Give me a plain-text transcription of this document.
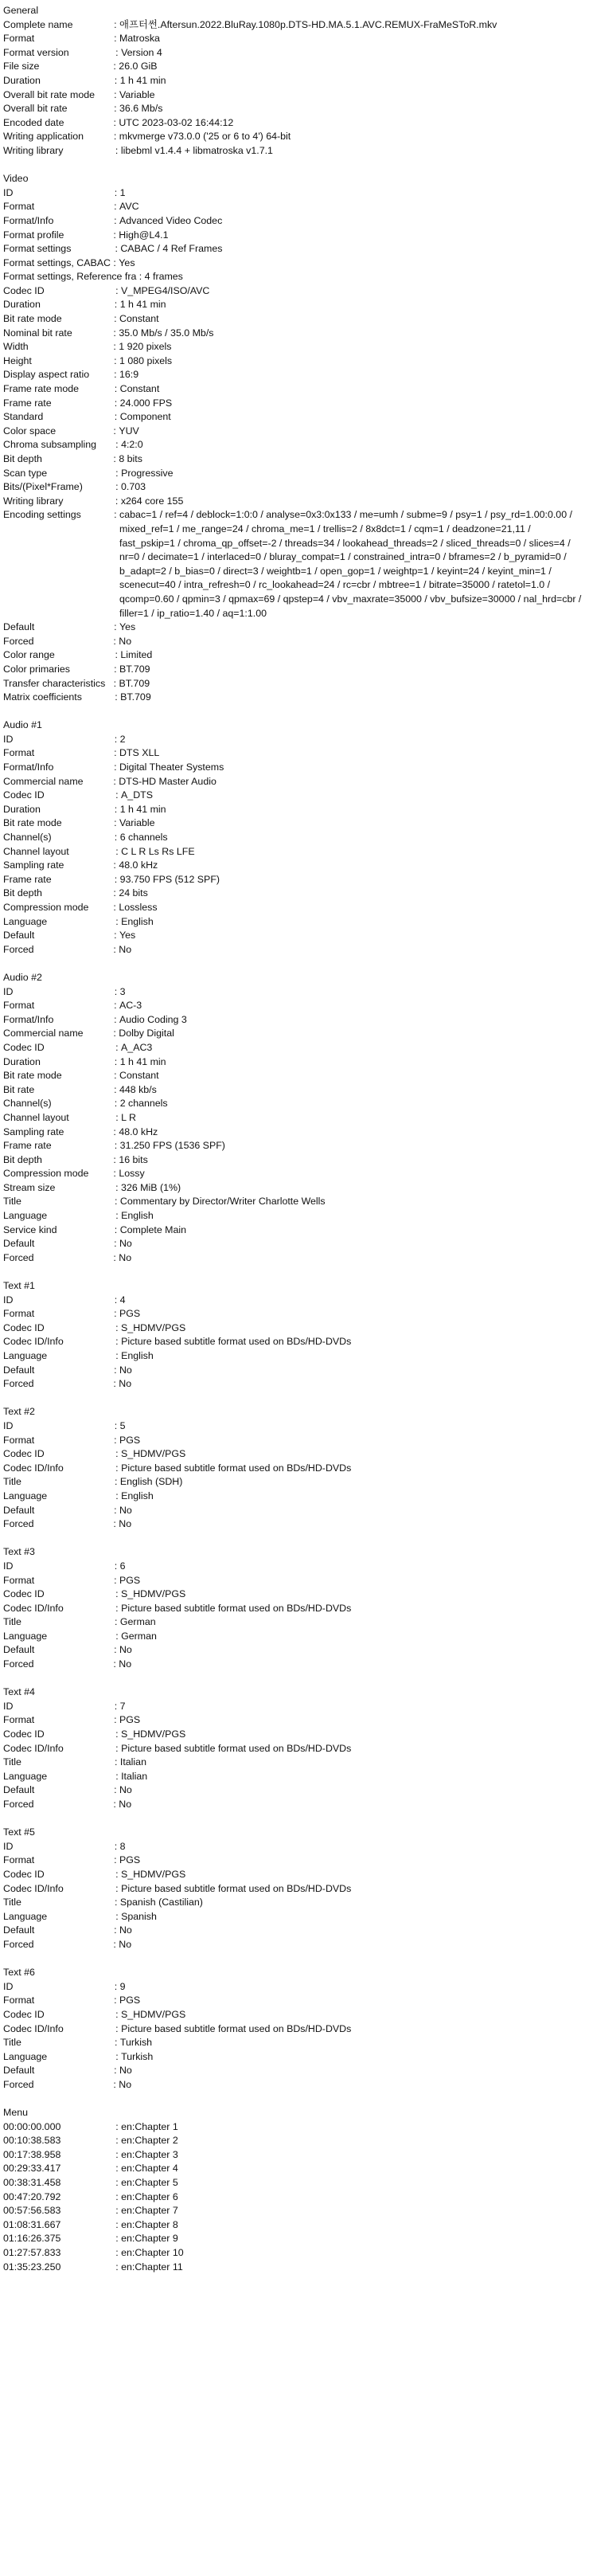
General
Complete name : 애프터썬.Aftersun.2022.BluRay.1080p.DTS-HD.MA.5.1.AVC.REMUX-FraMeSToR.mkv
Format : Matroska
Format version : Version 4
File size : 26.0 GiB
Duration : 1 h 41 min
Overall bit rate mode : Variable
Overall bit rate : 36.6 Mb/s
Encoded date : UTC 2023-03-02 16:44:12
Writing application : mkvmerge v73.0.0 ('25 or 6 to 4') 64-bit
Writing library : libebml v1.4.4 + libmatroska v1.7.1
Video
ID : 1
Format : AVC
Format/Info : Advanced Video Codec
Format profile : High@L4.1
Format settings : CABAC / 4 Ref Frames
Format settings, CABAC : Yes
Format settings, Reference fra : 4 frames
Codec ID : V_MPEG4/ISO/AVC
Duration : 1 h 41 min
Bit rate mode : Constant
Nominal bit rate : 35.0 Mb/s / 35.0 Mb/s
Width : 1 920 pixels
Height : 1 080 pixels
Display aspect ratio : 16:9
Frame rate mode : Constant
Frame rate : 24.000 FPS
Standard : Component
Color space : YUV
Chroma subsampling : 4:2:0
Bit depth : 8 bits
Scan type : Progressive
Bits/(Pixel*Frame) : 0.703
Writing library : x264 core 155
Encoding settings : cabac=1 / ref=4 / deblock=1:0:0 / analyse=0x3:0x133 / me=umh / subme=9 / psy=1 / psy_rd=1.00:0.00 / mixed_ref=1 / me_range=24 / chroma_me=1 / trellis=2 / 8x8dct=1 / cqm=1 / deadzone=21,11 / fast_pskip=1 / chroma_qp_offset=-2 / threads=34 / lookahead_threads=2 / sliced_threads=0 / slices=4 / nr=0 / decimate=1 / interlaced=0 / bluray_compat=1 / constrained_intra=0 / bframes=2 / b_pyramid=0 / b_adapt=2 / b_bias=0 / direct=3 / weightb=1 / open_gop=1 / weightp=1 / keyint=24 / keyint_min=1 / scenecut=40 / intra_refresh=0 / rc_lookahead=24 / rc=cbr / mbtree=1 / bitrate=35000 / ratetol=1.0 / qcomp=0.60 / qpmin=3 / qpmax=69 / qpstep=4 / vbv_maxrate=35000 / vbv_bufsize=30000 / nal_hrd=cbr / filler=1 / ip_ratio=1.40 / aq=1:1.00
Default : Yes
Forced : No
Color range : Limited
Color primaries : BT.709
Transfer characteristics : BT.709
Matrix coefficients : BT.709
Audio #1
ID : 2
Format : DTS XLL
Format/Info : Digital Theater Systems
Commercial name : DTS-HD Master Audio
Codec ID : A_DTS
Duration : 1 h 41 min
Bit rate mode : Variable
Channel(s) : 6 channels
Channel layout : C L R Ls Rs LFE
Sampling rate : 48.0 kHz
Frame rate : 93.750 FPS (512 SPF)
Bit depth : 24 bits
Compression mode : Lossless
Language : English
Default : Yes
Forced : No
Audio #2
ID : 3
Format : AC-3
Format/Info : Audio Coding 3
Commercial name : Dolby Digital
Codec ID : A_AC3
Duration : 1 h 41 min
Bit rate mode : Constant
Bit rate : 448 kb/s
Channel(s) : 2 channels
Channel layout : L R
Sampling rate : 48.0 kHz
Frame rate : 31.250 FPS (1536 SPF)
Bit depth : 16 bits
Compression mode : Lossy
Stream size : 326 MiB (1%)
Title : Commentary by Director/Writer Charlotte Wells
Language : English
Service kind : Complete Main
Default : No
Forced : No
Text #1
ID : 4
Format : PGS
Codec ID : S_HDMV/PGS
Codec ID/Info : Picture based subtitle format used on BDs/HD-DVDs
Language : English
Default : No
Forced : No
Text #2
ID : 5
Format : PGS
Codec ID : S_HDMV/PGS
Codec ID/Info : Picture based subtitle format used on BDs/HD-DVDs
Title : English (SDH)
Language : English
Default : No
Forced : No
Text #3
ID : 6
Format : PGS
Codec ID : S_HDMV/PGS
Codec ID/Info : Picture based subtitle format used on BDs/HD-DVDs
Title : German
Language : German
Default : No
Forced : No
Text #4
ID : 7
Format : PGS
Codec ID : S_HDMV/PGS
Codec ID/Info : Picture based subtitle format used on BDs/HD-DVDs
Title : Italian
Language : Italian
Default : No
Forced : No
Text #5
ID : 8
Format : PGS
Codec ID : S_HDMV/PGS
Codec ID/Info : Picture based subtitle format used on BDs/HD-DVDs
Title : Spanish (Castilian)
Language : Spanish
Default : No
Forced : No
Text #6
ID : 9
Format : PGS
Codec ID : S_HDMV/PGS
Codec ID/Info : Picture based subtitle format used on BDs/HD-DVDs
Title : Turkish
Language : Turkish
Default : No
Forced : No
Menu
00:00:00.000 : en:Chapter 1
00:10:38.583 : en:Chapter 2
00:17:38.958 : en:Chapter 3
00:29:33.417 : en:Chapter 4
00:38:31.458 : en:Chapter 5
00:47:20.792 : en:Chapter 6
00:57:56.583 : en:Chapter 7
01:08:31.667 : en:Chapter 8
01:16:26.375 : en:Chapter 9
01:27:57.833 : en:Chapter 10
01:35:23.250 : en:Chapter 11
